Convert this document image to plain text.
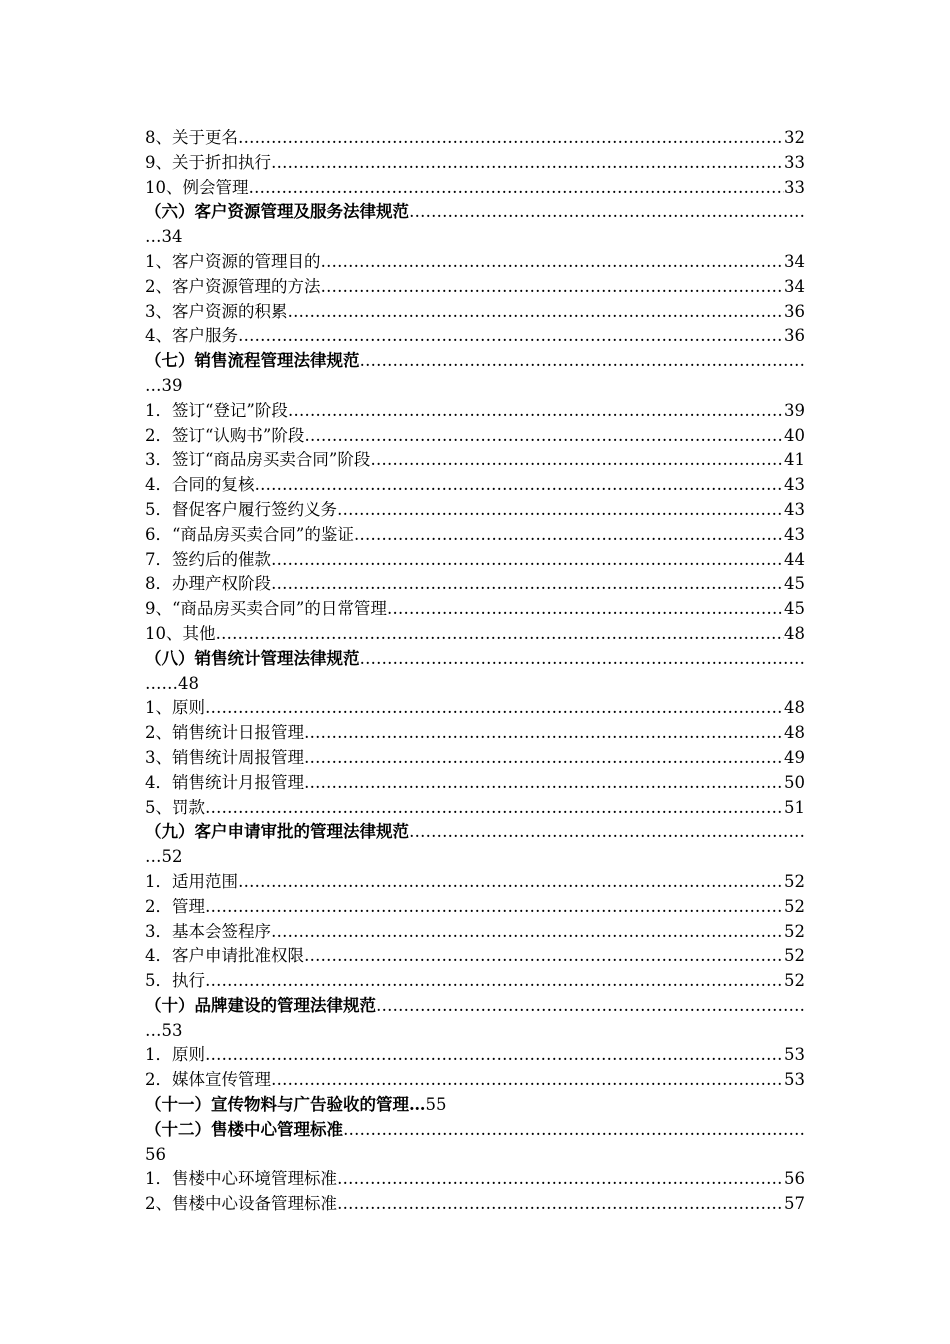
8、关于更名 …………………………………………………………………………………………………………………………………………………………………………………………………………	32
9、关于折扣执行 …………………………………………………………………………………………………………………………………………………………………………………………………………	33
10、例会管理 …………………………………………………………………………………………………………………………………………………………………………………………………………	33
（六）客户资源管理及服务法律规范
…………………………………………………………………………………………………………………………………………………………………………………………………………
…34
1、客户资源的管理目的 …………………………………………………………………………………………………………………………………………………………………………………………………………	34
2、客户资源管理的方法 …………………………………………………………………………………………………………………………………………………………………………………………………………	34
3、客户资源的积累 …………………………………………………………………………………………………………………………………………………………………………………………………………	36
4、客户服务 …………………………………………………………………………………………………………………………………………………………………………………………………………	36
（七）销售流程管理法律规范
…………………………………………………………………………………………………………………………………………………………………………………………………………
…39
1．签订“登记”阶段 …………………………………………………………………………………………………………………………………………………………………………………………………………	39
2．签订“认购书”阶段 …………………………………………………………………………………………………………………………………………………………………………………………………………	40
3．签订“商品房买卖合同”阶段 …………………………………………………………………………………………………………………………………………………………………………………………………………	41
4．合同的复核 …………………………………………………………………………………………………………………………………………………………………………………………………………	43
5．督促客户履行签约义务 …………………………………………………………………………………………………………………………………………………………………………………………………………	43
6．“商品房买卖合同”的鉴证 …………………………………………………………………………………………………………………………………………………………………………………………………………	43
7．签约后的催款 …………………………………………………………………………………………………………………………………………………………………………………………………………	44
8．办理产权阶段 …………………………………………………………………………………………………………………………………………………………………………………………………………	45
9、“商品房买卖合同”的日常管理 …………………………………………………………………………………………………………………………………………………………………………………………………………	45
10、其他 …………………………………………………………………………………………………………………………………………………………………………………………………………	48
（八）销售统计管理法律规范
…………………………………………………………………………………………………………………………………………………………………………………………………………
……48
1、原则 …………………………………………………………………………………………………………………………………………………………………………………………………………	48
2、销售统计日报管理 …………………………………………………………………………………………………………………………………………………………………………………………………………	48
3、销售统计周报管理 …………………………………………………………………………………………………………………………………………………………………………………………………………	49
4．销售统计月报管理 …………………………………………………………………………………………………………………………………………………………………………………………………………	50
5、罚款 …………………………………………………………………………………………………………………………………………………………………………………………………………	51
（九）客户申请审批的管理法律规范
…………………………………………………………………………………………………………………………………………………………………………………………………………
…52
1．适用范围 …………………………………………………………………………………………………………………………………………………………………………………………………………	52
2．管理 …………………………………………………………………………………………………………………………………………………………………………………………………………	52
3．基本会签程序 …………………………………………………………………………………………………………………………………………………………………………………………………………	52
4．客户申请批准权限 …………………………………………………………………………………………………………………………………………………………………………………………………………	52
5．执行 …………………………………………………………………………………………………………………………………………………………………………………………………………	52
（十）品牌建设的管理法律规范
…………………………………………………………………………………………………………………………………………………………………………………………………………
…53
1．原则 …………………………………………………………………………………………………………………………………………………………………………………………………………	53
2．媒体宣传管理 …………………………………………………………………………………………………………………………………………………………………………………………………………	53
（十一）宣传物料与广告验收的管理… 55
（十二）售楼中心管理标准
…………………………………………………………………………………………………………………………………………………………………………………………………………
56
1．售楼中心环境管理标准 …………………………………………………………………………………………………………………………………………………………………………………………………………	56
2、售楼中心设备管理标准 …………………………………………………………………………………………………………………………………………………………………………………………………………	57
